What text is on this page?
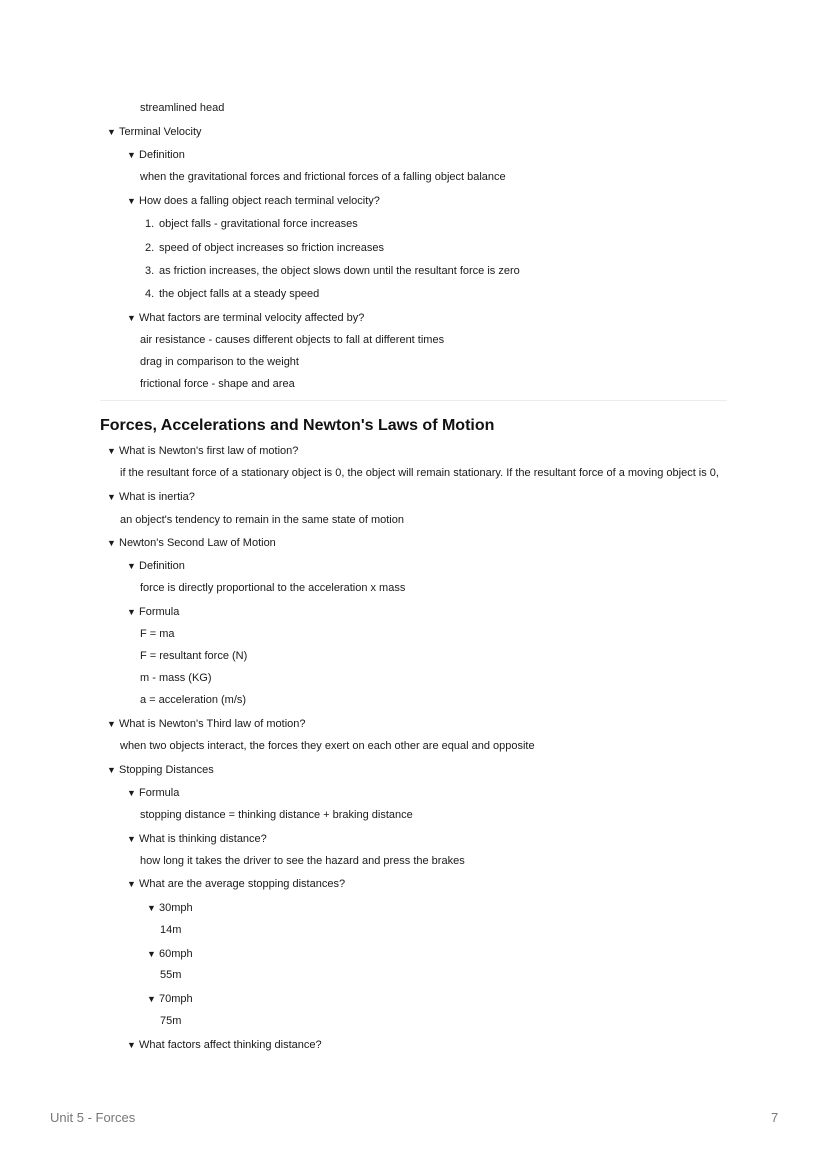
streamlined head
▼ Terminal Velocity
▼ Definition
when the gravitational forces and frictional forces of a falling object balance
▼ How does a falling object reach terminal velocity?
1. object falls - gravitational force increases
2. speed of object increases so friction increases
3. as friction increases, the object slows down until the resultant force is zero
4. the object falls at a steady speed
▼ What factors are terminal velocity affected by?
air resistance - causes different objects to fall at different times
drag in comparison to the weight
frictional force - shape and area
Forces, Accelerations and Newton's Laws of Motion
▼ What is Newton's first law of motion?
if the resultant force of a stationary object is 0, the object will remain stationary. If the resultant force of a moving object is 0,
▼ What is inertia?
an object's tendency to remain in the same state of motion
▼ Newton's Second Law of Motion
▼ Definition
force is directly proportional to the acceleration x mass
▼ Formula
F = ma
F = resultant force (N)
m - mass (KG)
a = acceleration (m/s)
▼ What is Newton's Third law of motion?
when two objects interact, the forces they exert on each other are equal and opposite
▼ Stopping Distances
▼ Formula
stopping distance = thinking distance + braking distance
▼ What is thinking distance?
how long it takes the driver to see the hazard and press the brakes
▼ What are the average stopping distances?
▼ 30mph
14m
▼ 60mph
55m
▼ 70mph
75m
▼ What factors affect thinking distance?
Unit 5 - Forces	7
